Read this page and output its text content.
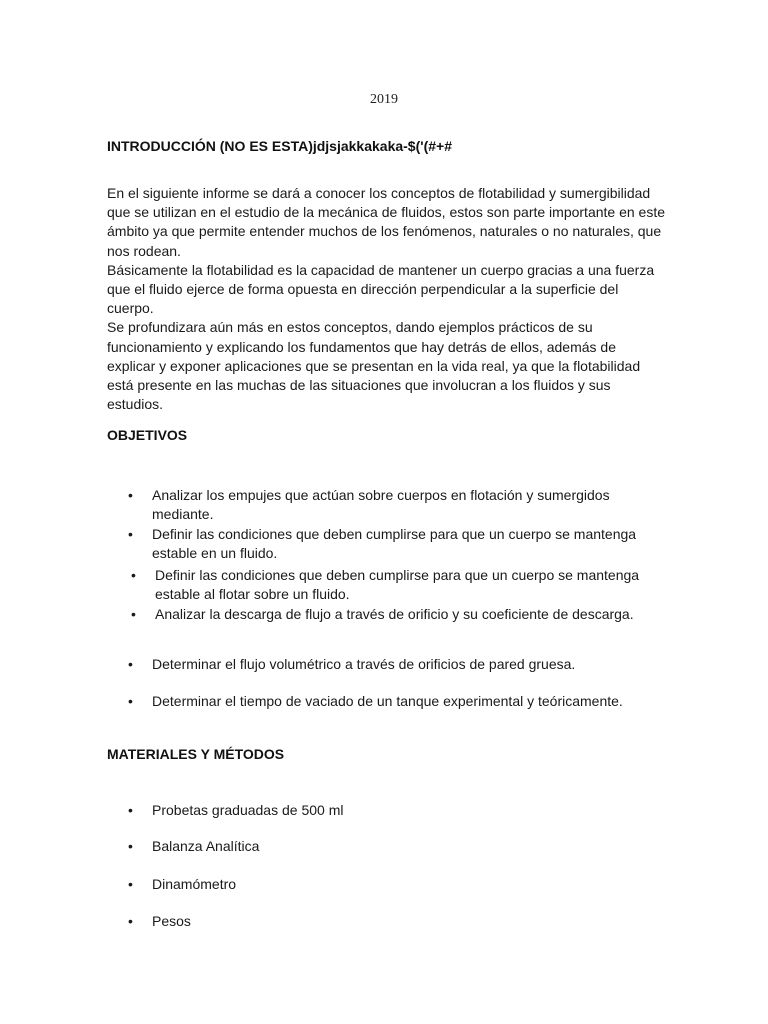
2019
INTRODUCCIÓN (NO ES ESTA)jdjsjakkakaka-$('(#+#

En el siguiente informe se dará a conocer los conceptos de flotabilidad y sumergibilidad que se utilizan en el estudio de la mecánica de fluidos, estos son parte importante en este ámbito ya que permite entender muchos de los fenómenos, naturales o no naturales, que nos rodean.

Básicamente la flotabilidad es la capacidad de mantener un cuerpo gracias a una fuerza que el fluido ejerce de forma opuesta en dirección perpendicular a la superficie del cuerpo.

Se profundizara aún más en estos conceptos, dando ejemplos prácticos de su funcionamiento y explicando los fundamentos que hay detrás de ellos, además de explicar y exponer aplicaciones que se presentan en la vida real, ya que la flotabilidad está presente en las muchas de las situaciones que involucran a los fluidos y sus estudios.

OBJETIVOS
•	Analizar los empujes que actúan sobre cuerpos en flotación y sumergidos mediante.
•	Definir las condiciones que deben cumplirse para que un cuerpo se mantenga estable en un fluido.
•	Definir las condiciones que deben cumplirse para que un cuerpo se mantenga estable al flotar sobre un fluido.
•	Analizar la descarga de flujo a través de orificio y su coeficiente de descarga.
•	Determinar el flujo volumétrico a través de orificios de pared gruesa.
•	Determinar el tiempo de vaciado de un tanque experimental y teóricamente.
MATERIALES Y MÉTODOS
•	Probetas graduadas de 500 ml
•	Balanza Analítica
•	Dinamómetro
•	Pesos
